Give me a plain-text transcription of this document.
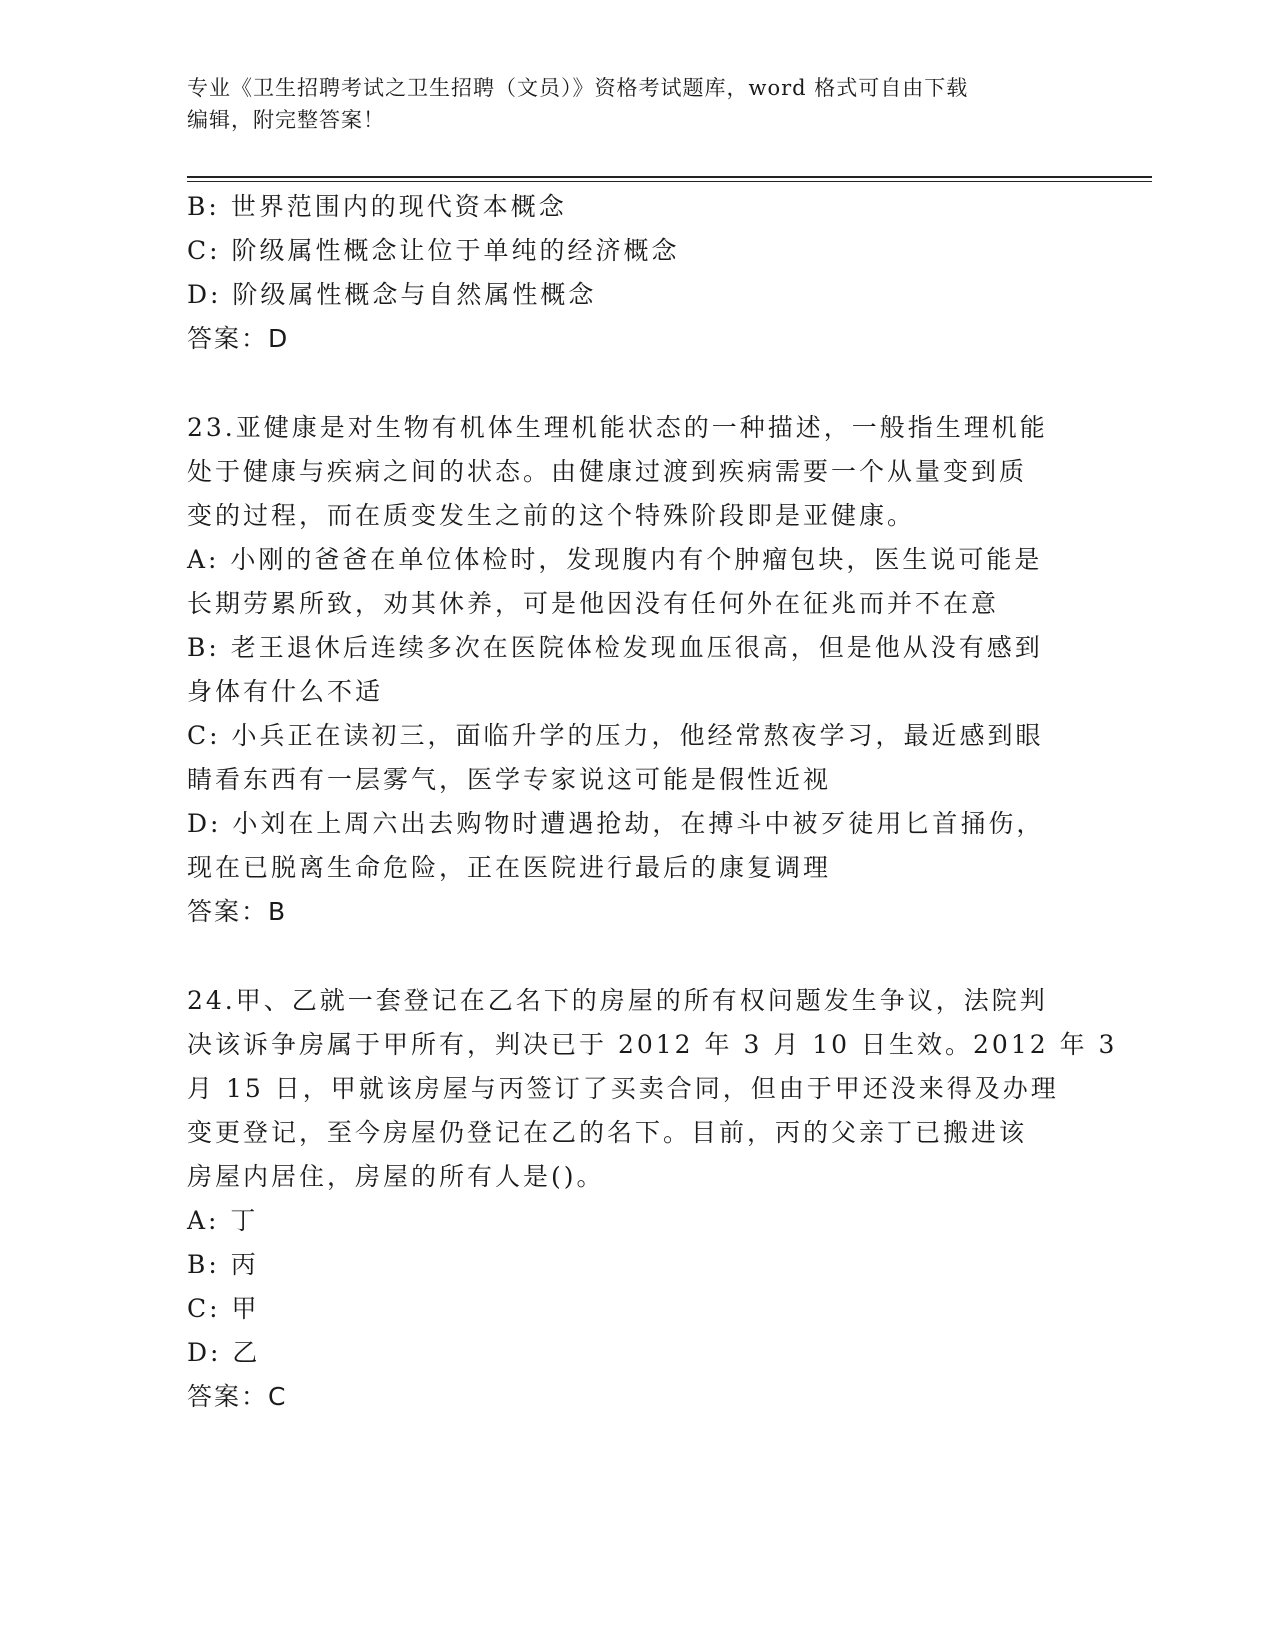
专业《卫生招聘考试之卫生招聘（文员）》资格考试题库，word 格式可自由下载
编辑，附完整答案！
B: 世界范围内的现代资本概念
C: 阶级属性概念让位于单纯的经济概念
D: 阶级属性概念与自然属性概念
答案：D
23.亚健康是对生物有机体生理机能状态的一种描述，一般指生理机能
处于健康与疾病之间的状态。由健康过渡到疾病需要一个从量变到质
变的过程，而在质变发生之前的这个特殊阶段即是亚健康。
A: 小刚的爸爸在单位体检时，发现腹内有个肿瘤包块，医生说可能是
长期劳累所致，劝其休养，可是他因没有任何外在征兆而并不在意
B: 老王退休后连续多次在医院体检发现血压很高，但是他从没有感到
身体有什么不适
C: 小兵正在读初三，面临升学的压力，他经常熬夜学习，最近感到眼
睛看东西有一层雾气，医学专家说这可能是假性近视
D: 小刘在上周六出去购物时遭遇抢劫，在搏斗中被歹徒用匕首捅伤，
现在已脱离生命危险，正在医院进行最后的康复调理
答案：B
24.甲、乙就一套登记在乙名下的房屋的所有权问题发生争议，法院判
决该诉争房属于甲所有，判决已于 2012 年 3 月 10 日生效。2012 年 3
月 15 日，甲就该房屋与丙签订了买卖合同，但由于甲还没来得及办理
变更登记，至今房屋仍登记在乙的名下。目前，丙的父亲丁已搬进该
房屋内居住，房屋的所有人是()。
A: 丁
B: 丙
C: 甲
D: 乙
答案：C
